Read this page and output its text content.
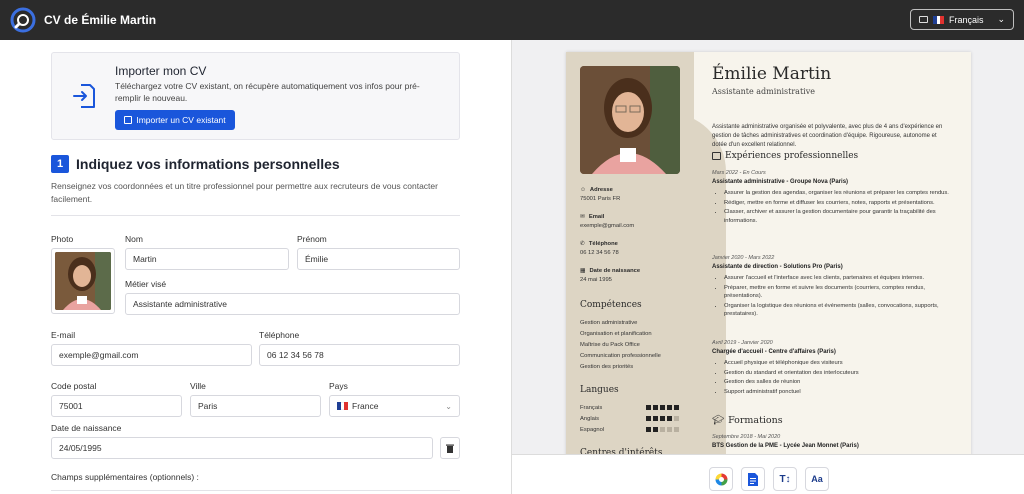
CV de Émilie Martin	Français ⌄
Importer mon CV
Téléchargez votre CV existant, on récupère automatiquement vos infos pour pré-remplir le nouveau.
Importer un CV existant
1 Indiquez vos informations personnelles
Renseignez vos coordonnées et un titre professionnel pour permettre aux recruteurs de vous contacter facilement.
Photo	Nom
Martin
Prénom
Émilie
Métier visé
Assistante administrative
E-mail
exemple@gmail.com
Téléphone
06 12 34 56 78
Code postal
75001
Ville
Paris
Pays
France	⌄
Date de naissance
24/05/1995
Champs supplémentaires (optionnels) :
Émilie Martin
Assistante administrative
Assistante administrative organisée et polyvalente, avec plus de 4 ans d'expérience en gestion de tâches administratives et coordination d'équipe. Rigoureuse, autonome et dotée d'un excellent relationnel.
☺ Adresse
75001 Paris FR
✉ Email
exemple@gmail.com
✆ Téléphone
06 12 34 56 78
▦ Date de naissance
24 mai 1995
Compétences
Gestion administrative
Organisation et planification
Maîtrise du Pack Office
Communication professionnelle
Gestion des priorités
Langues
Français
Anglais
Espagnol
Centres d'intérêts
Expériences professionnelles
Mars 2022 - En Cours
Assistante administrative - Groupe Nova (Paris)
• Assurer la gestion des agendas, organiser les réunions et préparer les comptes rendus.
• Rédiger, mettre en forme et diffuser les courriers, notes, rapports et présentations.
• Classer, archiver et assurer la gestion documentaire pour garantir la traçabilité des informations.
Janvier 2020 - Mars 2022
Assistante de direction - Solutions Pro (Paris)
• Assurer l'accueil et l'interface avec les clients, partenaires et équipes internes.
• Préparer, mettre en forme et suivre les documents (courriers, comptes rendus, présentations).
• Organiser la logistique des réunions et événements (salles, convocations, supports, prestataires).
Avril 2019 - Janvier 2020
Chargée d'accueil - Centre d'affaires (Paris)
• Accueil physique et téléphonique des visiteurs
• Gestion du standard et orientation des interlocuteurs
• Gestion des salles de réunion
• Support administratif ponctuel
🎓︎ Formations
Septembre 2018 - Mai 2020
BTS Gestion de la PME - Lycée Jean Monnet (Paris)
T↕ Aa
